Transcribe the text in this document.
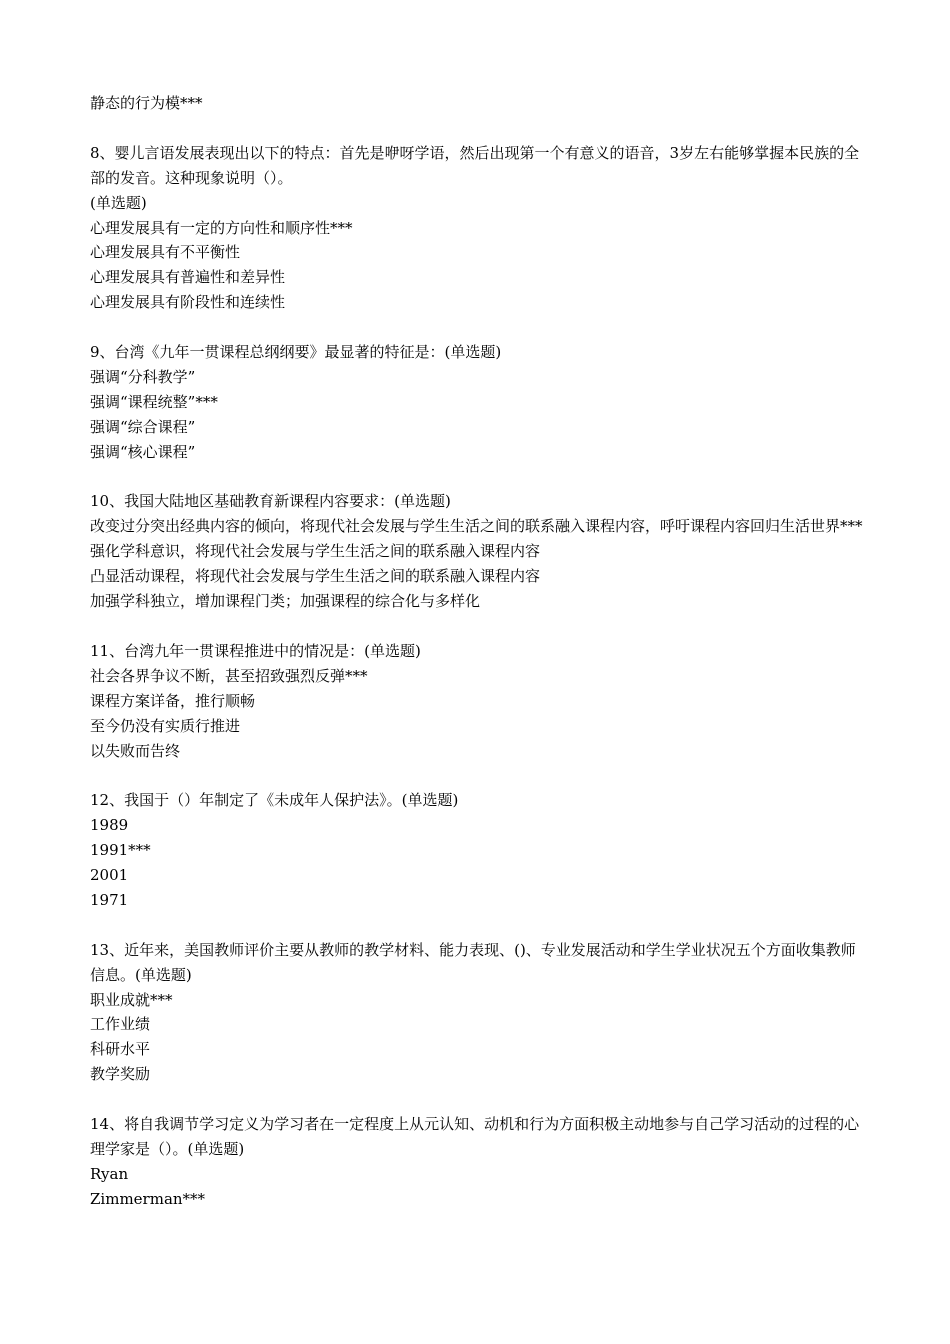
静态的行为模***

8、婴儿言语发展表现出以下的特点：首先是咿呀学语，然后出现第一个有意义的语音，3岁左右能够掌握本民族的全部的发音。这种现象说明（）。

(单选题)

心理发展具有一定的方向性和顺序性***

心理发展具有不平衡性

心理发展具有普遍性和差异性

心理发展具有阶段性和连续性

9、台湾《九年一贯课程总纲纲要》最显著的特征是：(单选题)

强调“分科教学”

强调“课程统整”***

强调“综合课程”

强调“核心课程”

10、我国大陆地区基础教育新课程内容要求：(单选题)

改变过分突出经典内容的倾向，将现代社会发展与学生生活之间的联系融入课程内容，呼吁课程内容回归生活世界***

强化学科意识，将现代社会发展与学生生活之间的联系融入课程内容

凸显活动课程，将现代社会发展与学生生活之间的联系融入课程内容

加强学科独立，增加课程门类；加强课程的综合化与多样化

11、台湾九年一贯课程推进中的情况是：(单选题)

社会各界争议不断，甚至招致强烈反弹***

课程方案详备，推行顺畅

至今仍没有实质行推进

以失败而告终

12、我国于（）年制定了《未成年人保护法》。(单选题)

1989

1991***

2001

1971

13、近年来，美国教师评价主要从教师的教学材料、能力表现、()、专业发展活动和学生学业状况五个方面收集教师信息。(单选题)

职业成就***

工作业绩

科研水平

教学奖励

14、将自我调节学习定义为学习者在一定程度上从元认知、动机和行为方面积极主动地参与自己学习活动的过程的心理学家是（）。(单选题)

Ryan

Zimmerman***
